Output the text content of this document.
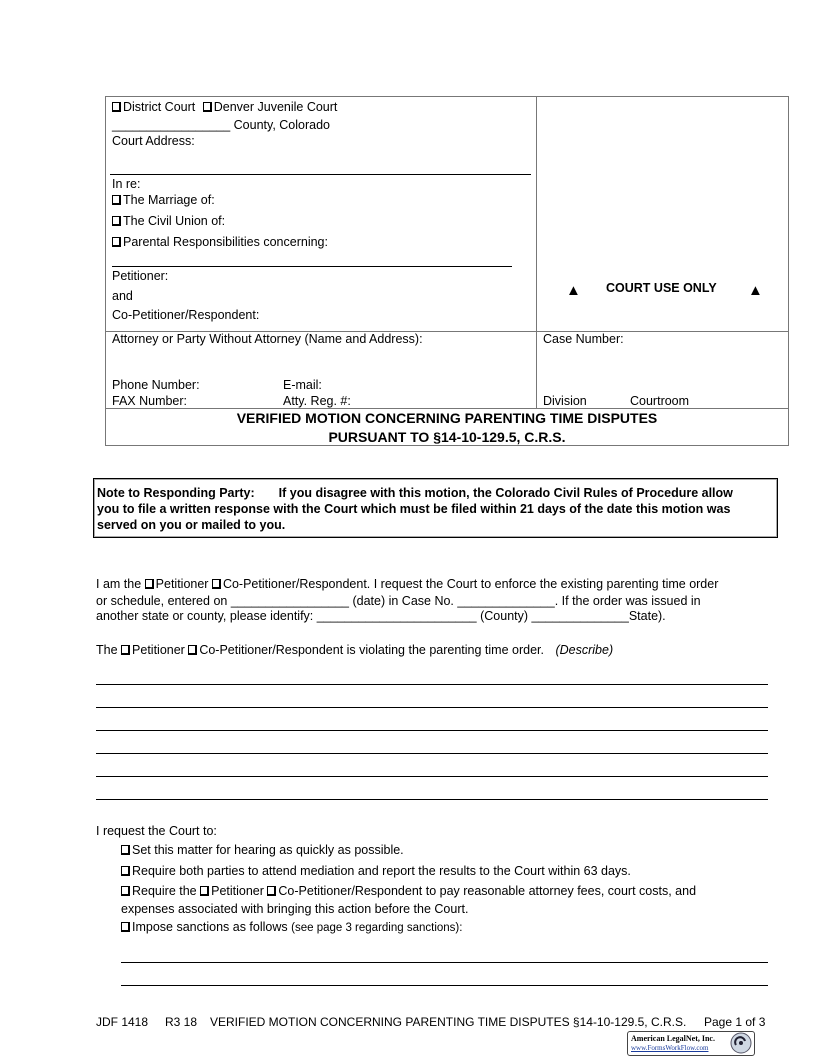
District Court Denver Juvenile Court
_________________ County, Colorado
Court Address:
In re:
The Marriage of:
The Civil Union of:
Parental Responsibilities concerning:
Petitioner:
and
Co-Petitioner/Respondent:
▲ COURT USE ONLY ▲
Attorney or Party Without Attorney (Name and Address):
Phone Number:	E-mail:
FAX Number:	Atty. Reg. #:
Case Number:
Division	Courtroom
VERIFIED MOTION CONCERNING PARENTING TIME DISPUTES
PURSUANT TO §14-10-129.5, C.R.S.
Note to Responding Party: If you disagree with this motion, the Colorado Civil Rules of Procedure allow
you to file a written response with the Court which must be filed within 21 days of the date this motion was
served on you or mailed to you.
I am the Petitioner Co-Petitioner/Respondent. I request the Court to enforce the existing parenting time order
or schedule, entered on _________________ (date) in Case No. ______________. If the order was issued in
another state or county, please identify: _______________________ (County) ______________State).
The Petitioner Co-Petitioner/Respondent is violating the parenting time order. (Describe)
I request the Court to:
Set this matter for hearing as quickly as possible.
Require both parties to attend mediation and report the results to the Court within 63 days.
Require the Petitioner Co-Petitioner/Respondent to pay reasonable attorney fees, court costs, and
expenses associated with bringing this action before the Court.
Impose sanctions as follows (see page 3 regarding sanctions):
JDF 1418 R3 18 VERIFIED MOTION CONCERNING PARENTING TIME DISPUTES §14-10-129.5, C.R.S. Page 1 of 3
American LegalNet, Inc.
www.FormsWorkFlow.com
